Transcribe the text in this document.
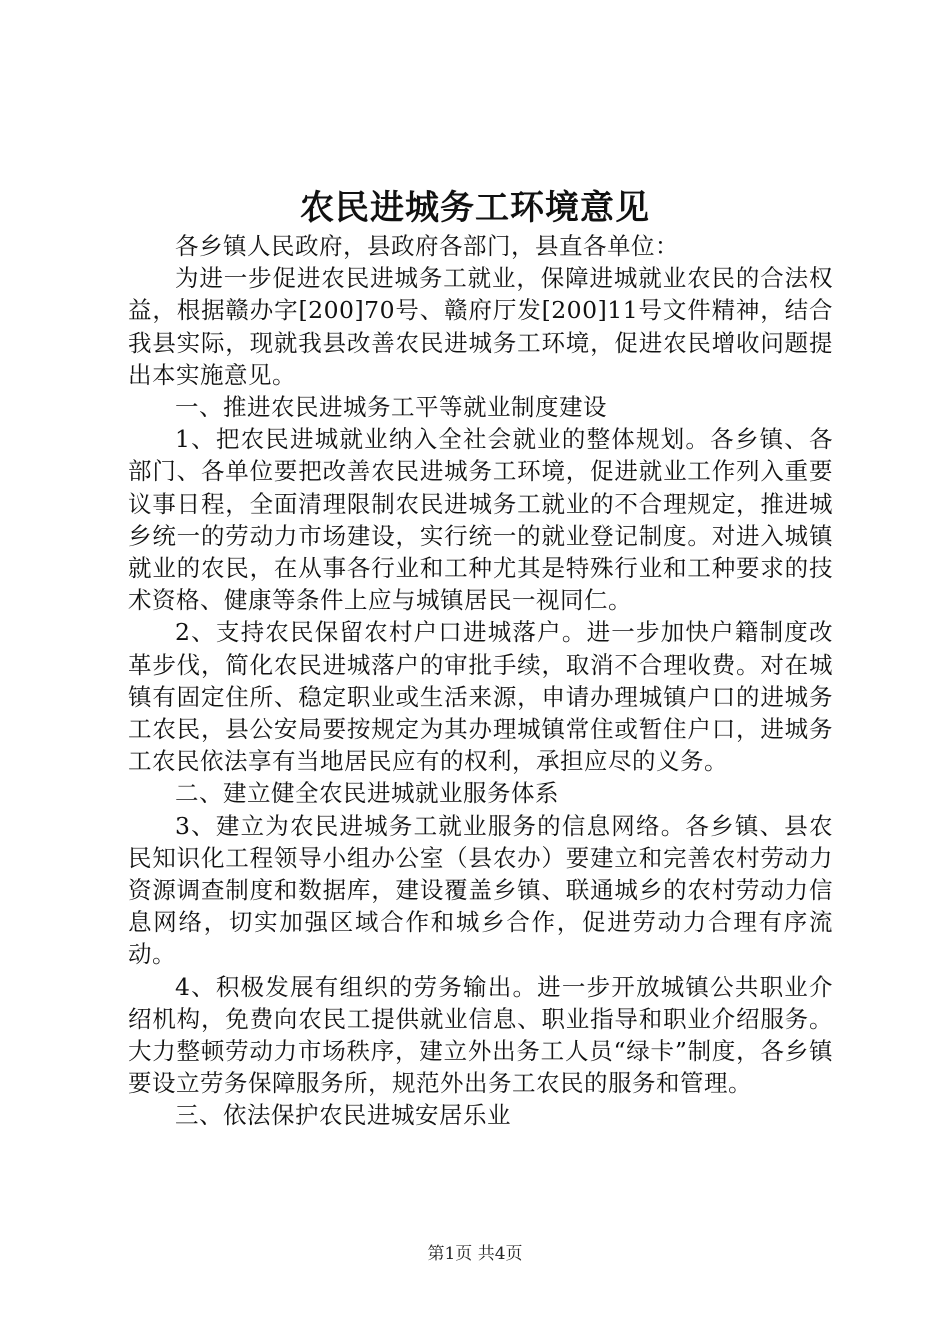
农民进城务工环境意见

各乡镇人民政府，县政府各部门，县直各单位：

为进一步促进农民进城务工就业，保障进城就业农民的合法权益，根据赣办字[200]70号、赣府厅发[200]11号文件精神，结合我县实际，现就我县改善农民进城务工环境，促进农民增收问题提出本实施意见。

一、推进农民进城务工平等就业制度建设

1、把农民进城就业纳入全社会就业的整体规划。各乡镇、各部门、各单位要把改善农民进城务工环境，促进就业工作列入重要议事日程，全面清理限制农民进城务工就业的不合理规定，推进城乡统一的劳动力市场建设，实行统一的就业登记制度。对进入城镇就业的农民，在从事各行业和工种尤其是特殊行业和工种要求的技术资格、健康等条件上应与城镇居民一视同仁。

2、支持农民保留农村户口进城落户。进一步加快户籍制度改革步伐，简化农民进城落户的审批手续，取消不合理收费。对在城镇有固定住所、稳定职业或生活来源，申请办理城镇户口的进城务工农民，县公安局要按规定为其办理城镇常住或暂住户口，进城务工农民依法享有当地居民应有的权利，承担应尽的义务。

二、建立健全农民进城就业服务体系

3、建立为农民进城务工就业服务的信息网络。各乡镇、县农民知识化工程领导小组办公室（县农办）要建立和完善农村劳动力资源调查制度和数据库，建设覆盖乡镇、联通城乡的农村劳动力信息网络，切实加强区域合作和城乡合作，促进劳动力合理有序流动。

4、积极发展有组织的劳务输出。进一步开放城镇公共职业介绍机构，免费向农民工提供就业信息、职业指导和职业介绍服务。大力整顿劳动力市场秩序，建立外出务工人员“绿卡”制度，各乡镇要设立劳务保障服务所，规范外出务工农民的服务和管理。

三、依法保护农民进城安居乐业

第1页 共4页
